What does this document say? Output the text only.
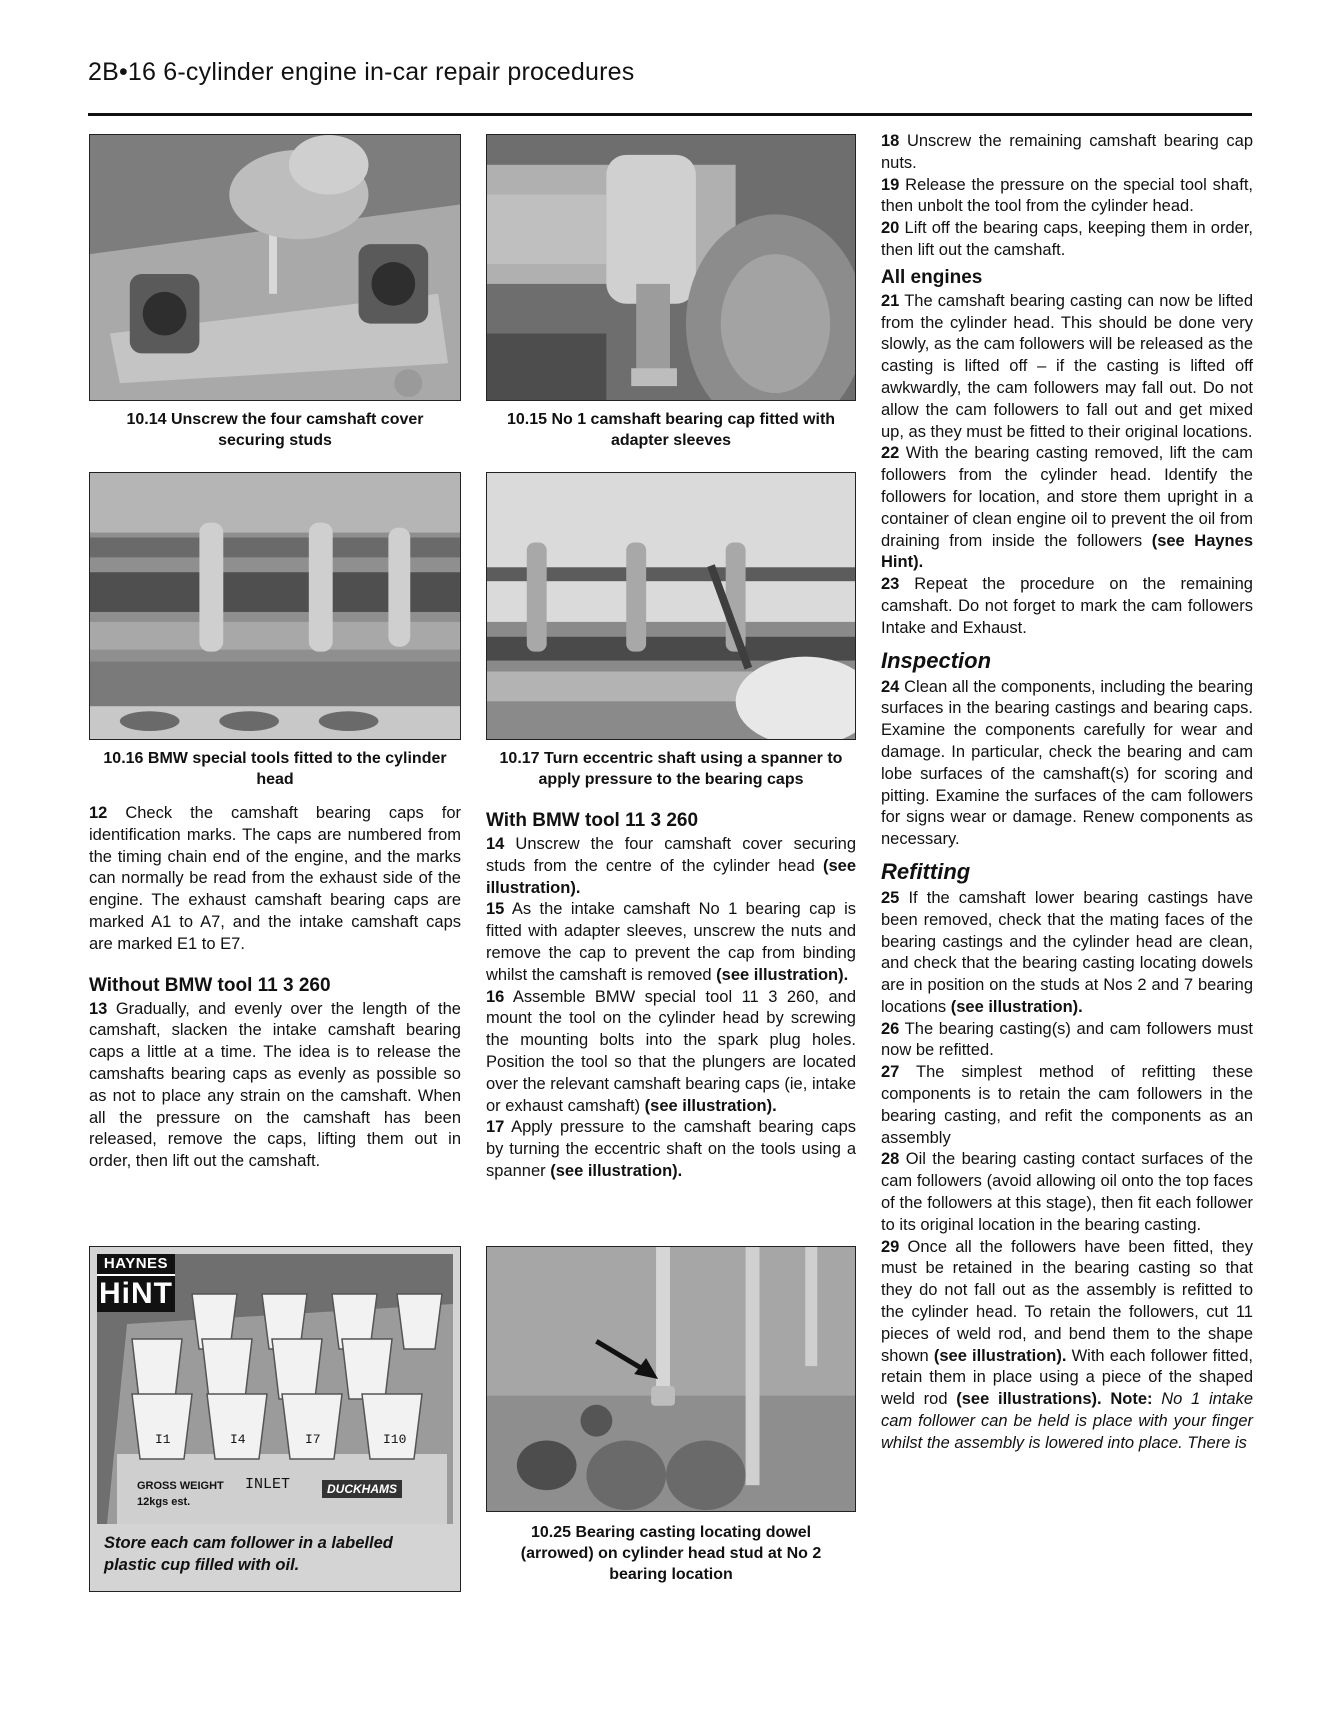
2B•16 6-cylinder engine in-car repair procedures
10.14 Unscrew the four camshaft cover securing studs
10.15 No 1 camshaft bearing cap fitted with adapter sleeves
10.16 BMW special tools fitted to the cylinder head
10.17 Turn eccentric shaft using a spanner to apply pressure to the bearing caps

12 Check the camshaft bearing caps for identification marks. The caps are numbered from the timing chain end of the engine, and the marks can normally be read from the exhaust side of the engine. The exhaust camshaft bearing caps are marked A1 to A7, and the intake camshaft caps are marked E1 to E7.

Without BMW tool 11 3 260

13 Gradually, and evenly over the length of the camshaft, slacken the intake camshaft bearing caps a little at a time. The idea is to release the camshafts bearing caps as evenly as possible so as not to place any strain on the camshaft. When all the pressure on the camshaft has been released, remove the caps, lifting them out in order, then lift out the camshaft.

With BMW tool 11 3 260

14 Unscrew the four camshaft cover securing studs from the centre of the cylinder head (see illustration).

15 As the intake camshaft No 1 bearing cap is fitted with adapter sleeves, unscrew the nuts and remove the cap to prevent the cap from binding whilst the camshaft is removed (see illustration).

16 Assemble BMW special tool 11 3 260, and mount the tool on the cylinder head by screwing the mounting bolts into the spark plug holes. Position the tool so that the plungers are located over the relevant camshaft bearing caps (ie, intake or exhaust camshaft) (see illustration).

17 Apply pressure to the camshaft bearing caps by turning the eccentric shaft on the tools using a spanner (see illustration).

18 Unscrew the remaining camshaft bearing cap nuts.

19 Release the pressure on the special tool shaft, then unbolt the tool from the cylinder head.

20 Lift off the bearing caps, keeping them in order, then lift out the camshaft.

All engines

21 The camshaft bearing casting can now be lifted from the cylinder head. This should be done very slowly, as the cam followers will be released as the casting is lifted off – if the casting is lifted off awkwardly, the cam followers may fall out. Do not allow the cam followers to fall out and get mixed up, as they must be fitted to their original locations.

22 With the bearing casting removed, lift the cam followers from the cylinder head. Identify the followers for location, and store them upright in a container of clean engine oil to prevent the oil from draining from inside the followers (see Haynes Hint).

23 Repeat the procedure on the remaining camshaft. Do not forget to mark the cam followers Intake and Exhaust.

Inspection

24 Clean all the components, including the bearing surfaces in the bearing castings and bearing caps. Examine the components carefully for wear and damage. In particular, check the bearing and cam lobe surfaces of the camshaft(s) for scoring and pitting. Examine the surfaces of the cam followers for signs wear or damage. Renew components as necessary.

Refitting

25 If the camshaft lower bearing castings have been removed, check that the mating faces of the bearing castings and the cylinder head are clean, and check that the bearing casting locating dowels are in position on the studs at Nos 2 and 7 bearing locations (see illustration).

26 The bearing casting(s) and cam followers must now be refitted.

27 The simplest method of refitting these components is to retain the cam followers in the bearing casting, and refit the components as an assembly

28 Oil the bearing casting contact surfaces of the cam followers (avoid allowing oil onto the top faces of the followers at this stage), then fit each follower to its original location in the bearing casting.

29 Once all the followers have been fitted, they must be retained in the bearing casting so that they do not fall out as the assembly is refitted to the cylinder head. To retain the followers, cut 11 pieces of weld rod, and bend them to the shape shown (see illustration). With each follower fitted, retain them in place using a piece of the shaped weld rod (see illustrations). Note: No 1 intake cam follower can be held is place with your finger whilst the assembly is lowered into place. There is

I1	I4	I7	I10
GROSS WEIGHT INLET
12kgs est.
DUCKHAMS
HAYNES
HiNT
Store each cam follower in a labelled plastic cup filled with oil.
10.25 Bearing casting locating dowel (arrowed) on cylinder head stud at No 2 bearing location
